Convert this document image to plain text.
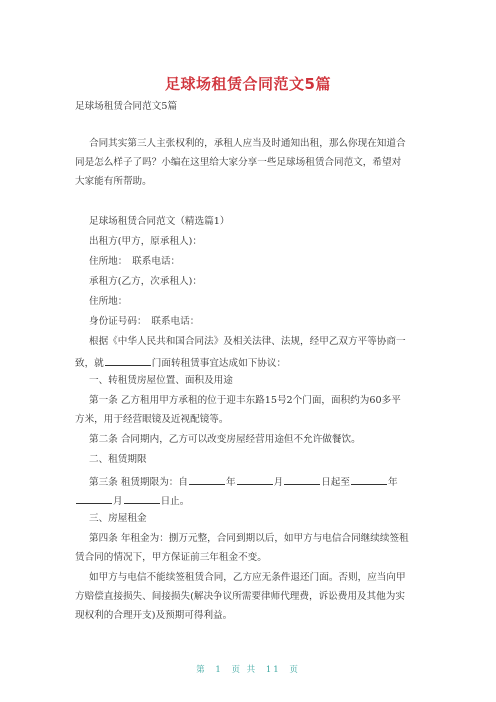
足球场租赁合同范文5篇
足球场租赁合同范文5篇
合同其实第三人主张权利的，承租人应当及时通知出租，那么你现在知道合
同是怎么样子了吗？小编在这里给大家分享一些足球场租赁合同范文，希望对
大家能有所帮助。
足球场租赁合同范文（精选篇1）
出租方(甲方，原承租人)：
住所地：　联系电话：
承租方(乙方，次承租人)：
住所地：
身份证号码：　联系电话：
根据《中华人民共和国合同法》及相关法律、法规，经甲乙双方平等协商一
致，就	门面转租赁事宜达成如下协议：
一、转租赁房屋位置、面积及用途
第一条 乙方租用甲方承租的位于迎丰东路15号2个门面，面积约为60多平
方米，用于经营眼镜及近视配镜等。
第二条 合同期内，乙方可以改变房屋经营用途但不允许做餐饮。
二、租赁期限
第三条 租赁期限为：自	年	月	日起至	年
月	日止。
三、房屋租金
第四条 年租金为：捌万元整，合同到期以后，如甲方与电信合同继续续签租
赁合同的情况下，甲方保证前三年租金不变。
如甲方与电信不能续签租赁合同，乙方应无条件退还门面。否则，应当向甲
方赔偿直接损失、间接损失(解决争议所需要律师代理费，诉讼费用及其他为实
现权利的合理开支)及预期可得利益。
第 1 页 共 11 页
